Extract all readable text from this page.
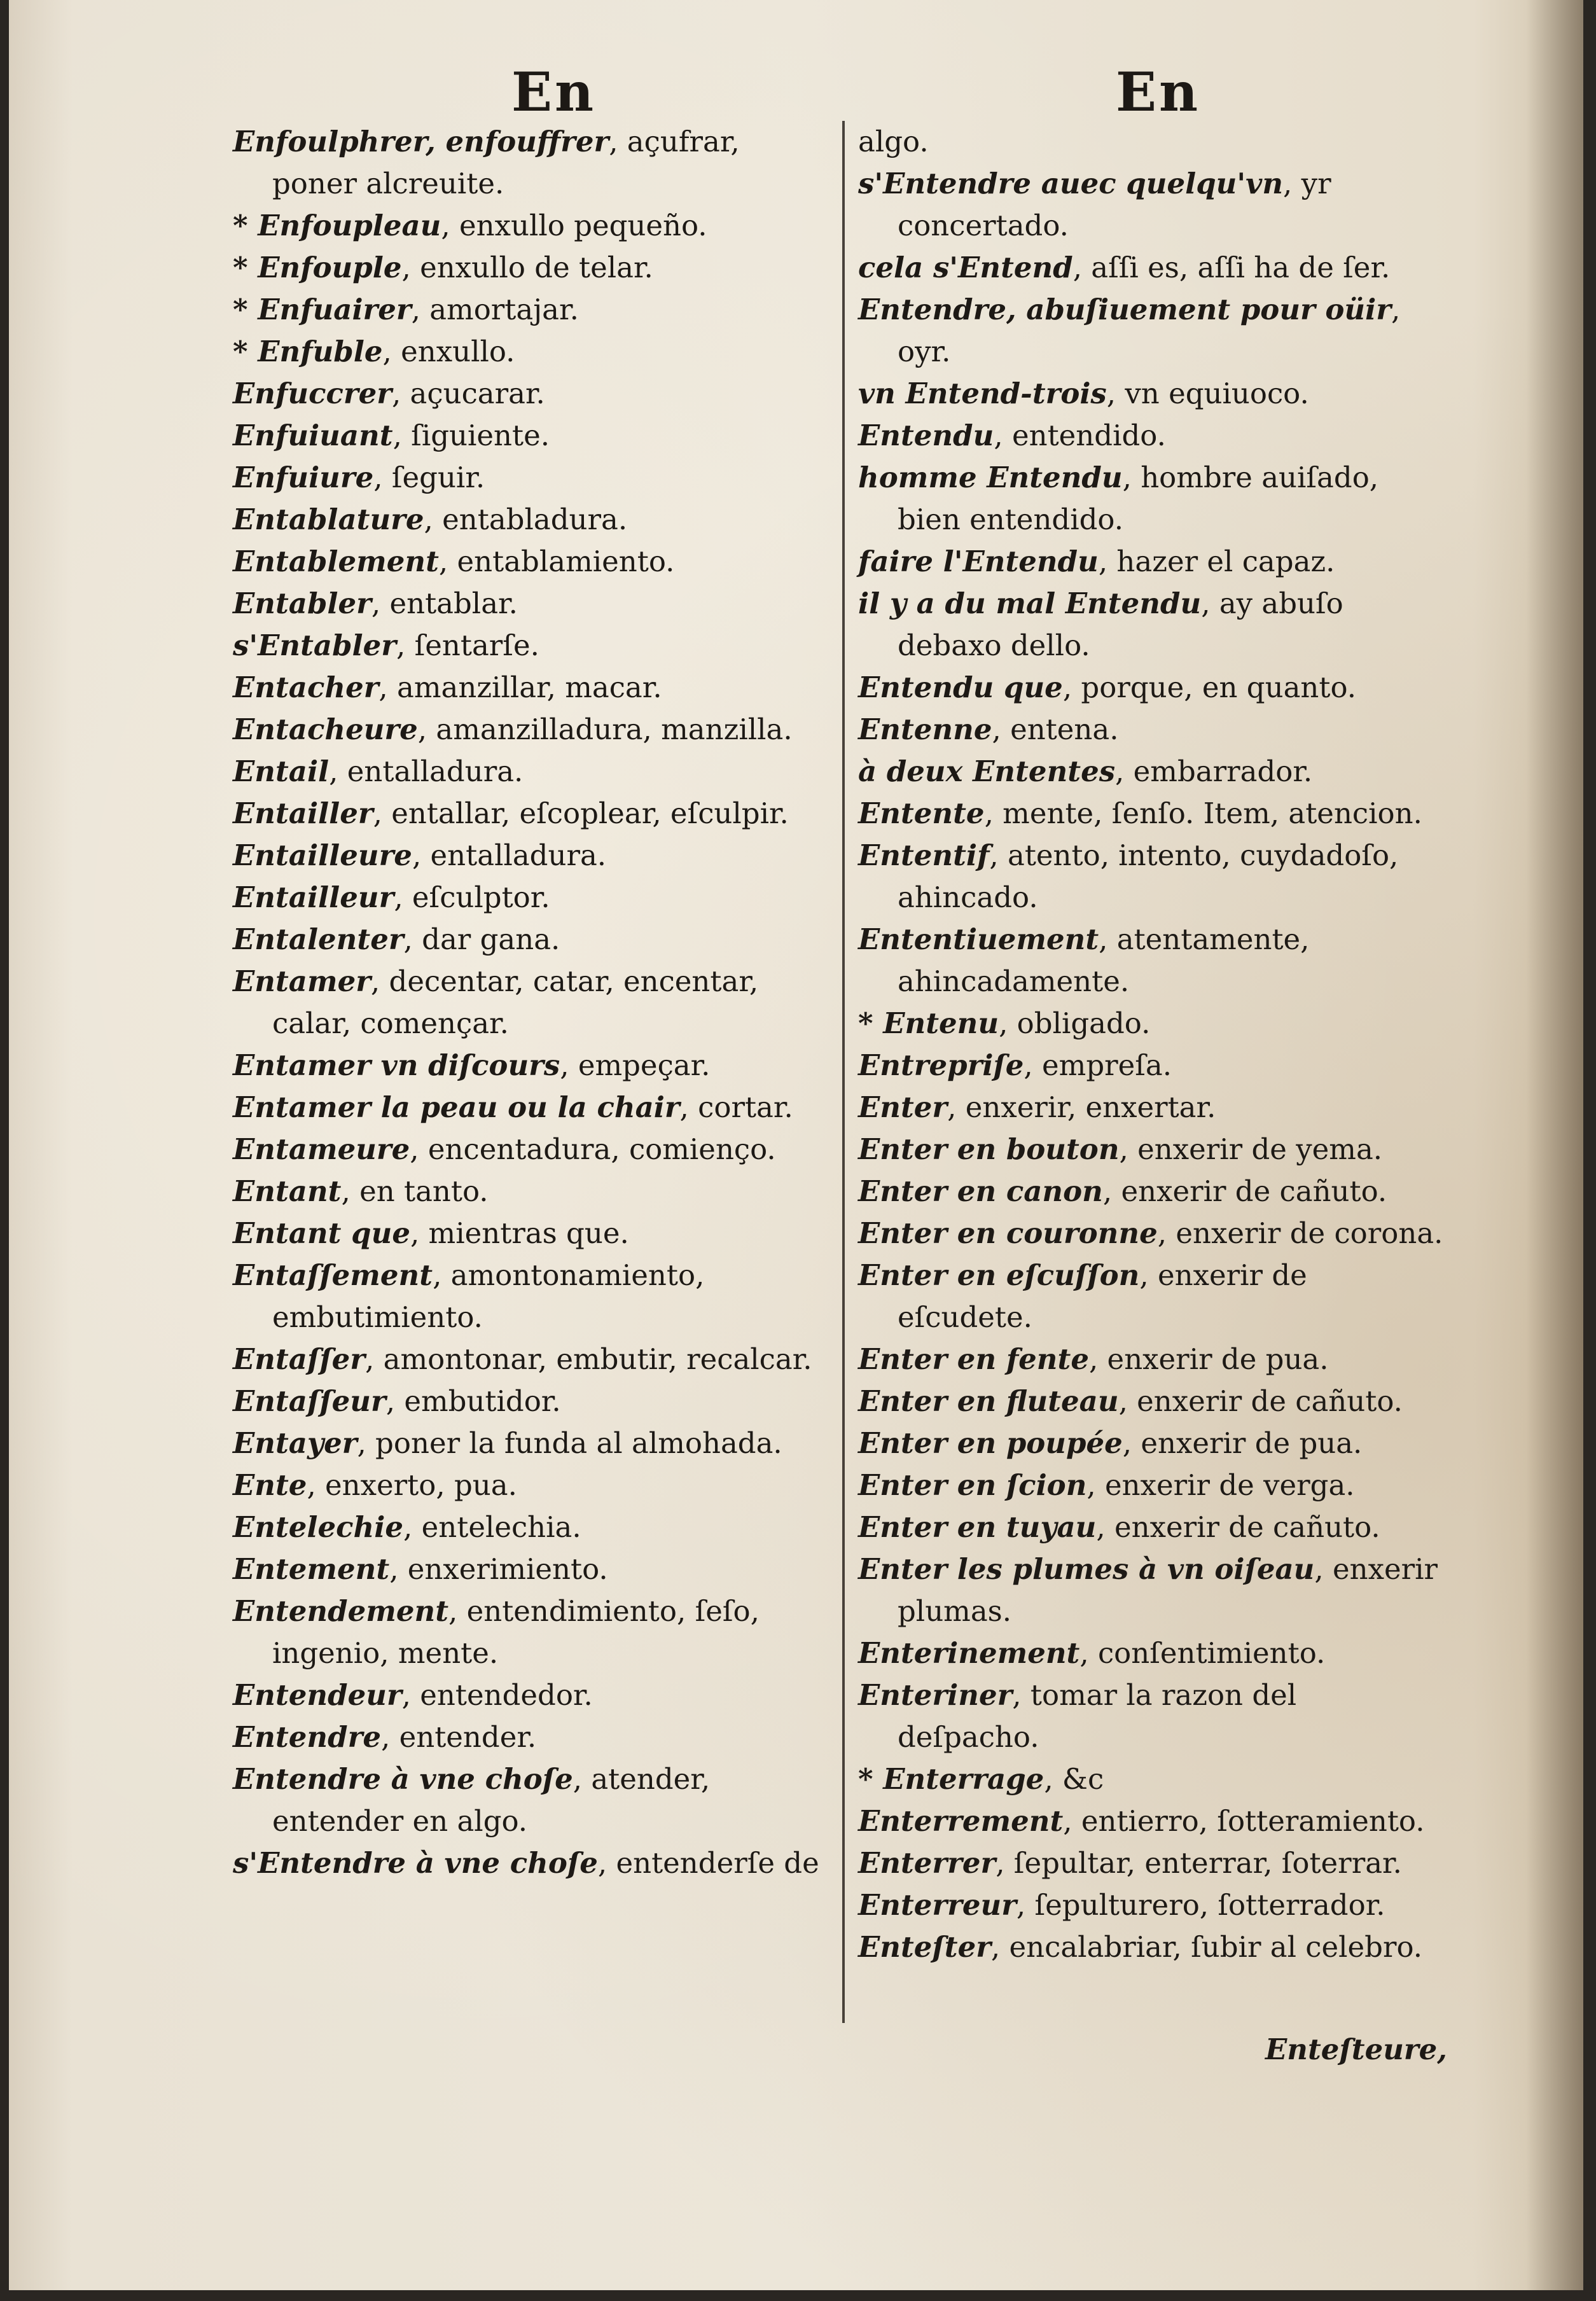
En	En

Enfoulphrer, enfouffrer, açufrar, poner alcreuite.

* Enfoupleau, enxullo pequeño.

* Enfouple, enxullo de telar.

* Enfuairer, amortajar.

* Enfuble, enxullo.

Enfuccrer, açucarar.

Enfuiuant, ſiguiente.

Enfuiure, ſeguir.

Entablature, entabladura.

Entablement, entablamiento.

Entabler, entablar.

s'Entabler, ſentarſe.

Entacher, amanzillar, macar.

Entacheure, amanzilladura, manzilla.

Entail, entalladura.

Entailler, entallar, eſcoplear, eſculpir.

Entailleure, entalladura.

Entailleur, eſculptor.

Entalenter, dar gana.

Entamer, decentar, catar, encentar, calar, començar.

Entamer vn diſcours, empeçar.

Entamer la peau ou la chair, cortar.

Entameure, encentadura, comienço.

Entant, en tanto.

Entant que, mientras que.

Entaſſement, amontonamiento, embutimiento.

Entaſſer, amontonar, embutir, recalcar.

Entaſſeur, embutidor.

Entayer, poner la funda al almohada.

Ente, enxerto, pua.

Entelechie, entelechia.

Entement, enxerimiento.

Entendement, entendimiento, ſeſo, ingenio, mente.

Entendeur, entendedor.

Entendre, entender.

Entendre à vne choſe, atender, entender en algo.

s'Entendre à vne choſe, entenderſe de

algo.

s'Entendre auec quelqu'vn, yr concertado.

cela s'Entend, aſſi es, aſſi ha de ſer.

Entendre, abuſiuement pour oüir, oyr.

vn Entend-trois, vn equiuoco.

Entendu, entendido.

homme Entendu, hombre auiſado, bien entendido.

faire l'Entendu, hazer el capaz.

il y a du mal Entendu, ay abuſo debaxo dello.

Entendu que, porque, en quanto.

Entenne, entena.

à deux Ententes, embarrador.

Entente, mente, ſenſo. Item, atencion.

Ententif, atento, intento, cuydadoſo, ahincado.

Ententiuement, atentamente, ahincadamente.

* Entenu, obligado.

Entrepriſe, empreſa.

Enter, enxerir, enxertar.

Enter en bouton, enxerir de yema.

Enter en canon, enxerir de cañuto.

Enter en couronne, enxerir de corona.

Enter en eſcuſſon, enxerir de eſcudete.

Enter en fente, enxerir de pua.

Enter en fluteau, enxerir de cañuto.

Enter en poupée, enxerir de pua.

Enter en ſcion, enxerir de verga.

Enter en tuyau, enxerir de cañuto.

Enter les plumes à vn oiſeau, enxerir plumas.

Enterinement, conſentimiento.

Enteriner, tomar la razon del deſpacho.

* Enterrage, &c

Enterrement, entierro, ſotteramiento.

Enterrer, ſepultar, enterrar, ſoterrar.

Enterreur, ſepulturero, ſotterrador.

Enteſter, encalabriar, ſubir al celebro.

Enteſteure,
